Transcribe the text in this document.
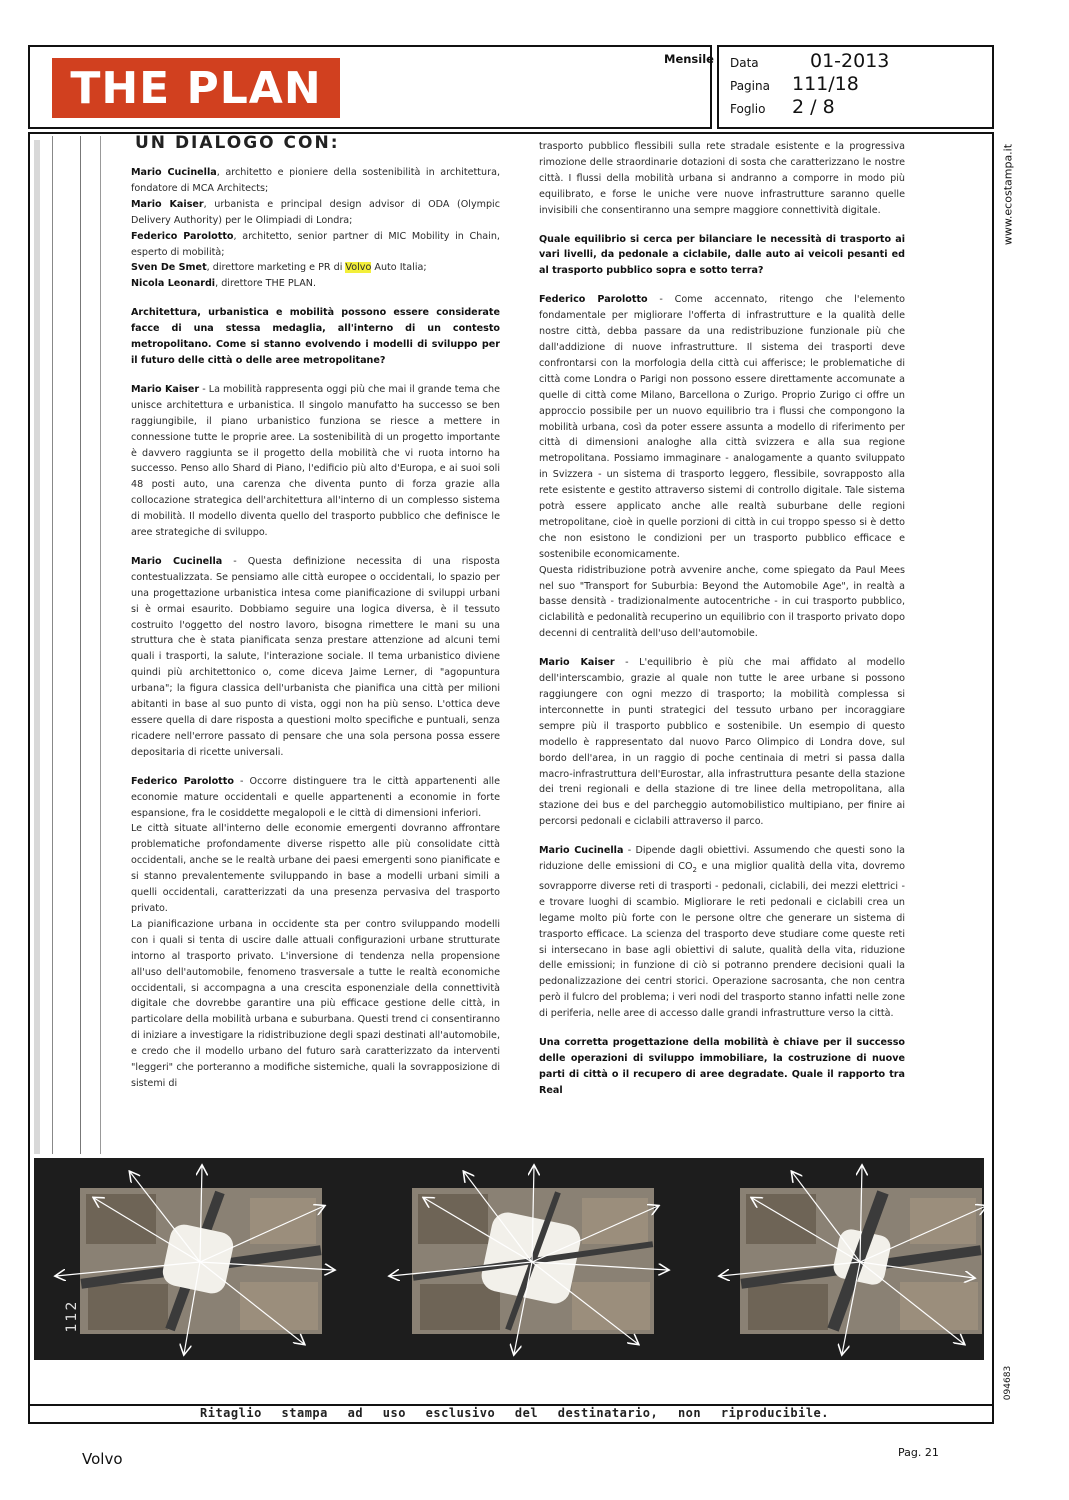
THE PLAN
Mensile Data	01-2013
Pagina	111/18
Foglio	2 / 8
www.ecostampa.it
094683
UN DIALOGO CON:

Mario Cucinella, architetto e pioniere della sostenibilità in architettura, fondatore di MCA Architects;

Mario Kaiser, urbanista e principal design advisor di ODA (Olympic Delivery Authority) per le Olimpiadi di Londra;

Federico Parolotto, architetto, senior partner di MIC Mobility in Chain, esperto di mobilità;

Sven De Smet, direttore marketing e PR di Volvo Auto Italia;

Nicola Leonardi, direttore THE PLAN.

Architettura, urbanistica e mobilità possono essere considerate facce di una stessa medaglia, all'interno di un contesto metropolitano. Come si stanno evolvendo i modelli di sviluppo per il futuro delle città o delle aree metropolitane?

Mario Kaiser - La mobilità rappresenta oggi più che mai il grande tema che unisce architettura e urbanistica. Il singolo manufatto ha successo se ben raggiungibile, il piano urbanistico funziona se riesce a mettere in connessione tutte le proprie aree. La sostenibilità di un progetto importante è davvero raggiunta se il progetto della mobilità che vi ruota intorno ha successo. Penso allo Shard di Piano, l'edificio più alto d'Europa, e ai suoi soli 48 posti auto, una carenza che diventa punto di forza grazie alla collocazione strategica dell'architettura all'interno di un complesso sistema di mobilità. Il modello diventa quello del trasporto pubblico che definisce le aree strategiche di sviluppo.

Mario Cucinella - Questa definizione necessita di una risposta contestualizzata. Se pensiamo alle città europee o occidentali, lo spazio per una progettazione urbanistica intesa come pianificazione di sviluppi urbani si è ormai esaurito. Dobbiamo seguire una logica diversa, è il tessuto costruito l'oggetto del nostro lavoro, bisogna rimettere le mani su una struttura che è stata pianificata senza prestare attenzione ad alcuni temi quali i trasporti, la salute, l'interazione sociale. Il tema urbanistico diviene quindi più architettonico o, come diceva Jaime Lerner, di "agopuntura urbana"; la figura classica dell'urbanista che pianifica una città per milioni abitanti in base al suo punto di vista, oggi non ha più senso. L'ottica deve essere quella di dare risposta a questioni molto specifiche e puntuali, senza ricadere nell'errore passato di pensare che una sola persona possa essere depositaria di ricette universali.

Federico Parolotto - Occorre distinguere tra le città appartenenti alle economie mature occidentali e quelle appartenenti a economie in forte espansione, fra le cosiddette megalopoli e le città di dimensioni inferiori.

Le città situate all'interno delle economie emergenti dovranno affrontare problematiche profondamente diverse rispetto alle più consolidate città occidentali, anche se le realtà urbane dei paesi emergenti sono pianificate e si stanno prevalentemente sviluppando in base a modelli urbani simili a quelli occidentali, caratterizzati da una presenza pervasiva del trasporto privato.

La pianificazione urbana in occidente sta per contro sviluppando modelli con i quali si tenta di uscire dalle attuali configurazioni urbane strutturate intorno al trasporto privato. L'inversione di tendenza nella propensione all'uso dell'automobile, fenomeno trasversale a tutte le realtà economiche occidentali, si accompagna a una crescita esponenziale della connettività digitale che dovrebbe garantire una più efficace gestione delle città, in particolare della mobilità urbana e suburbana. Questi trend ci consentiranno di iniziare a investigare la ridistribuzione degli spazi destinati all'automobile, e credo che il modello urbano del futuro sarà caratterizzato da interventi "leggeri" che porteranno a modifiche sistemiche, quali la sovrapposizione di sistemi di

trasporto pubblico flessibili sulla rete stradale esistente e la progressiva rimozione delle straordinarie dotazioni di sosta che caratterizzano le nostre città. I flussi della mobilità urbana si andranno a comporre in modo più equilibrato, e forse le uniche vere nuove infrastrutture saranno quelle invisibili che consentiranno una sempre maggiore connettività digitale.

Quale equilibrio si cerca per bilanciare le necessità di trasporto ai vari livelli, da pedonale a ciclabile, dalle auto ai veicoli pesanti ed al trasporto pubblico sopra e sotto terra?

Federico Parolotto - Come accennato, ritengo che l'elemento fondamentale per migliorare l'offerta di infrastrutture e la qualità delle nostre città, debba passare da una redistribuzione funzionale più che dall'addizione di nuove infrastrutture. Il sistema dei trasporti deve confrontarsi con la morfologia della città cui afferisce; le problematiche di città come Londra o Parigi non possono essere direttamente accomunate a quelle di città come Milano, Barcellona o Zurigo. Proprio Zurigo ci offre un approccio possibile per un nuovo equilibrio tra i flussi che compongono la mobilità urbana, così da poter essere assunta a modello di riferimento per città di dimensioni analoghe alla città svizzera e alla sua regione metropolitana. Possiamo immaginare - analogamente a quanto sviluppato in Svizzera - un sistema di trasporto leggero, flessibile, sovrapposto alla rete esistente e gestito attraverso sistemi di controllo digitale. Tale sistema potrà essere applicato anche alle realtà suburbane delle regioni metropolitane, cioè in quelle porzioni di città in cui troppo spesso si è detto che non esistono le condizioni per un trasporto pubblico efficace e sostenibile economicamente.

Questa ridistribuzione potrà avvenire anche, come spiegato da Paul Mees nel suo "Transport for Suburbia: Beyond the Automobile Age", in realtà a basse densità - tradizionalmente autocentriche - in cui trasporto pubblico, ciclabilità e pedonalità recuperino un equilibrio con il trasporto privato dopo decenni di centralità dell'uso dell'automobile.

Mario Kaiser - L'equilibrio è più che mai affidato al modello dell'interscambio, grazie al quale non tutte le aree urbane si possono raggiungere con ogni mezzo di trasporto; la mobilità complessa si interconnette in punti strategici del tessuto urbano per incoraggiare sempre più il trasporto pubblico e sostenibile. Un esempio di questo modello è rappresentato dal nuovo Parco Olimpico di Londra dove, sul bordo dell'area, in un raggio di poche centinaia di metri si passa dalla macro-infrastruttura dell'Eurostar, alla infrastruttura pesante della stazione dei treni regionali e della stazione di tre linee della metropolitana, alla stazione dei bus e del parcheggio automobilistico multipiano, per finire ai percorsi pedonali e ciclabili attraverso il parco.

Mario Cucinella - Dipende dagli obiettivi. Assumendo che questi sono la riduzione delle emissioni di $CO_2$ e una miglior qualità della vita, dovremo sovrapporre diverse reti di trasporti - pedonali, ciclabili, dei mezzi elettrici - e trovare luoghi di scambio. Migliorare le reti pedonali e ciclabili crea un legame molto più forte con le persone oltre che generare un sistema di trasporto efficace. La scienza del trasporto deve studiare come queste reti si intersecano in base agli obiettivi di salute, qualità della vita, riduzione delle emissioni; in funzione di ciò si potranno prendere decisioni quali la pedonalizzazione dei centri storici. Operazione sacrosanta, che non centra però il fulcro del problema; i veri nodi del trasporto stanno infatti nelle zone di periferia, nelle aree di accesso dalle grandi infrastrutture verso la città.

Una corretta progettazione della mobilità è chiave per il successo delle operazioni di sviluppo immobiliare, la costruzione di nuove parti di città o il recupero di aree degradate. Quale il rapporto tra Real

112
Ritaglio stampa ad uso esclusivo del destinatario, non riproducibile.
Volvo	Pag. 21
